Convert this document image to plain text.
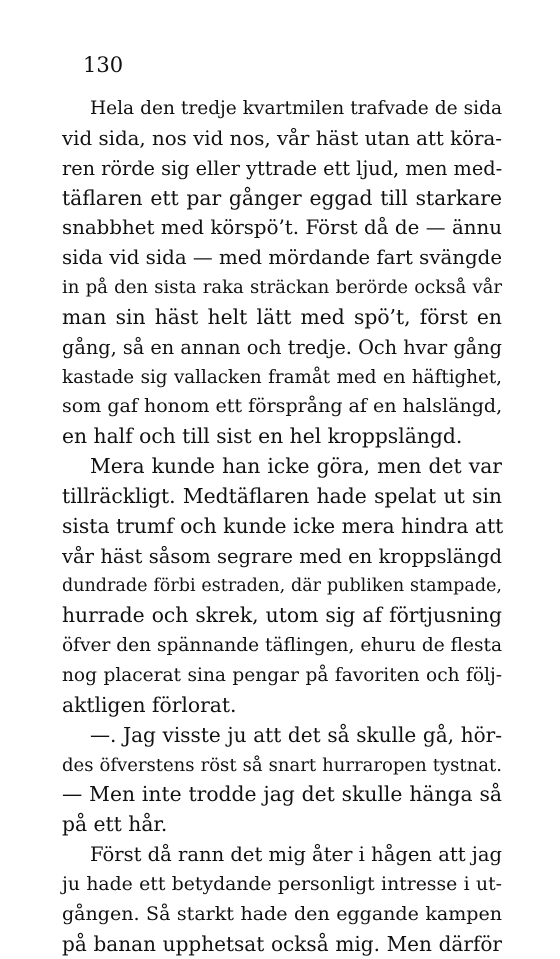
130
Hela den tredje kvartmilen trafvade de sida
vid sida, nos vid nos, vår häst utan att köra-
ren rörde sig eller yttrade ett ljud, men med-
täflaren ett par gånger eggad till starkare
snabbhet med körspö’t. Först då de — ännu
sida vid sida — med mördande fart svängde
in på den sista raka sträckan berörde också vår
man sin häst helt lätt med spö’t, först en
gång, så en annan och tredje. Och hvar gång
kastade sig vallacken framåt med en häftighet,
som gaf honom ett försprång af en halslängd,
en half och till sist en hel kroppslängd.
Mera kunde han icke göra, men det var
tillräckligt. Medtäflaren hade spelat ut sin
sista trumf och kunde icke mera hindra att
vår häst såsom segrare med en kroppslängd
dundrade förbi estraden, där publiken stampade,
hurrade och skrek, utom sig af förtjusning
öfver den spännande täflingen, ehuru de flesta
nog placerat sina pengar på favoriten och följ-
aktligen förlorat.
—. Jag visste ju att det så skulle gå, hör-
des öfverstens röst så snart hurraropen tystnat.
— Men inte trodde jag det skulle hänga så
på ett hår.
Först då rann det mig åter i hågen att jag
ju hade ett betydande personligt intresse i ut-
gången. Så starkt hade den eggande kampen
på banan upphetsat också mig. Men därför
